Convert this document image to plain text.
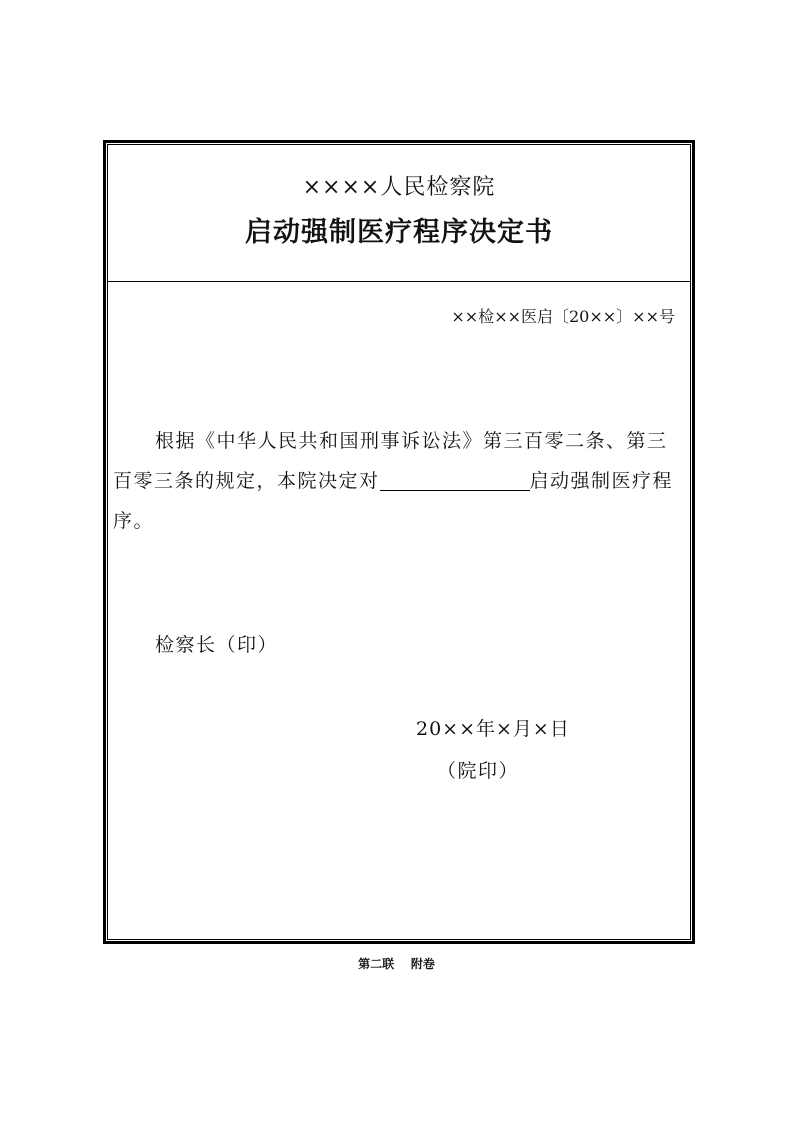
××××人民检察院
启动强制医疗程序决定书
××检××医启〔20××〕××号
根据《中华人民共和国刑事诉讼法》第三百零二条、第三
百零三条的规定，本院决定对	启动强制医疗程
序。
检察长（印）
20××年×月×日
（院印）
第二联    附卷
